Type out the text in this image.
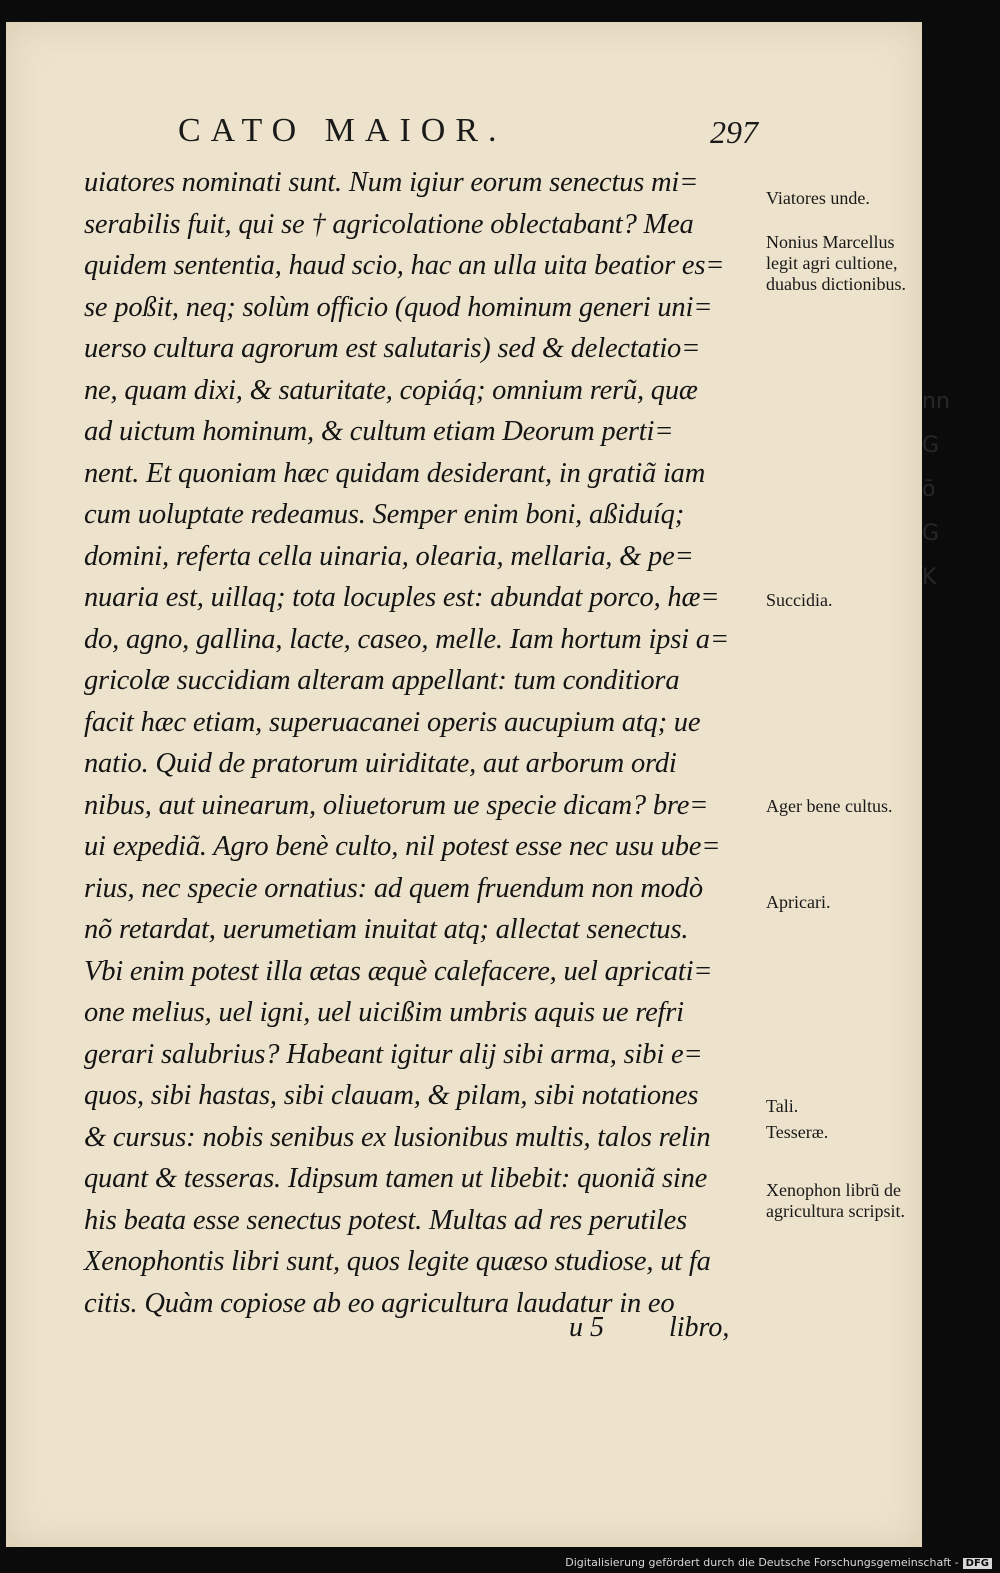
CATO MAIOR.	297
uiatores nominati sunt. Num igiur eorum senectus mi=
serabilis fuit, qui se † agricolatione oblectabant? Mea
quidem sententia, haud scio, hac an ulla uita beatior es=
se poßit, neq; solùm officio (quod hominum generi uni=
uerso cultura agrorum est salutaris) sed & delectatio=
ne, quam dixi, & saturitate, copiáq; omnium rerũ, quæ
ad uictum hominum, & cultum etiam Deorum perti=
nent. Et quoniam hæc quidam desiderant, in gratiã iam
cum uoluptate redeamus. Semper enim boni, aßiduíq;
domini, referta cella uinaria, olearia, mellaria, & pe=
nuaria est, uillaq; tota locuples est: abundat porco, hæ=
do, agno, gallina, lacte, caseo, melle. Iam hortum ipsi a=
gricolæ succidiam alteram appellant: tum conditiora
facit hæc etiam, superuacanei operis aucupium atq; ue
natio. Quid de pratorum uiriditate, aut arborum ordi
nibus, aut uinearum, oliuetorum ue specie dicam? bre=
ui expediã. Agro benè culto, nil potest esse nec usu ube=
rius, nec specie ornatius: ad quem fruendum non modò
nõ retardat, uerumetiam inuitat atq; allectat senectus.
Vbi enim potest illa ætas æquè calefacere, uel apricati=
one melius, uel igni, uel uicißim umbris aquis ue refri
gerari salubrius? Habeant igitur alij sibi arma, sibi e=
quos, sibi hastas, sibi clauam, & pilam, sibi notationes
& cursus: nobis senibus ex lusionibus multis, talos relin
quant & tesseras. Idipsum tamen ut libebit: quoniã sine
his beata esse senectus potest. Multas ad res perutiles
Xenophontis libri sunt, quos legite quæso studiose, ut fa
citis. Quàm copiose ab eo agricultura laudatur in eo
Viatores unde.
Nonius Marcellus legit agri cultione, duabus dictionibus.
Succidia.
Ager bene cultus.
Apricari.
Tali.
Tesseræ.
Xenophon librũ de agricultura scripsit.
u 5 libro,
nn
G
ō
G
K
Digitalisierung gefördert durch die Deutsche Forschungsgemeinschaft - DFG
